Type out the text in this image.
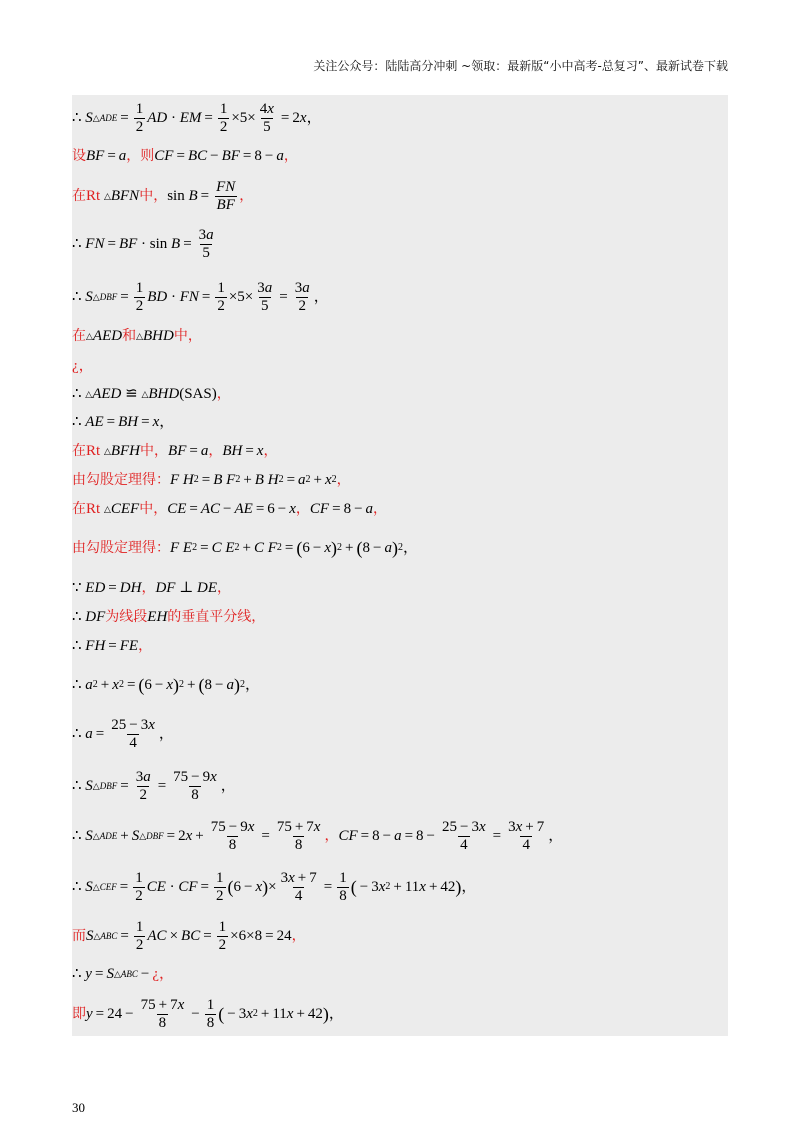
关注公众号：陆陆高分冲刺 ~领取：最新版“小中高考-总复习”、最新试卷下载
∴
S △ADE = $\frac{1}{2}$ AD · EM = $\frac{1}{2} \times 5\times \frac{4x}{5} = 2$ x ，
设 BF = a ， 则 CF = BC − BF = 8 − a ，
在 Rt
△ BFN 中， sin
$B = \frac{FN}{BF}$ ，
∴
FN = BF · $\sin B = \frac{3a}{5}$
∴
S △DBF = $\frac{1}{2}$ BD · FN = $\frac{1}{2} \times 5\times \frac{3a}{5} = \frac{3a}{2}$ ，
在 △ AED 和 △ BHD 中，
¿，
∴
△ AED ≌ △ BHD (SAS) ，
∴
AE = BH = x ，
在 Rt
△ BFH 中， BF = a ， BH = x ，
由勾股定理得： F
H 2 = B
F 2 + B
H 2 = a 2 + x 2 ，
在 Rt
△ CEF 中， CE = AC − AE = 6 − x ， CF = 8 − a ，
由勾股定理得： F
E 2 = C
E 2 + C
F 2 = ( 6 − x ) 2 + ( 8 − a ) 2 ，
∵
ED = DH ， DF ⊥ DE ，
∴
DF 为线段 EH 的垂直平分线，
∴
FH = FE ，
∴
a 2 + x 2 = ( 6 − x ) 2 + ( 8 − a ) 2 ，
∴
$a = \frac{25 - 3x}{4}$ ，
∴
S △DBF = $\frac{3a}{2} = \frac{75 - 9x}{8}$ ，
∴
S △ADE + S △DBF = 2 $x + \frac{75 - 9x}{8} = \frac{75 + 7x}{8}$ ， CF = $8 - a = 8 - \frac{25 - 3x}{4} = \frac{3x + 7}{4}$ ，
∴
S △CEF = $\frac{1}{2}$ CE · CF = $\frac{1}{2}$ ( 6 − x ) × $\frac{3x + 7}{4} = \frac{1}{8}$ ( − 3 x 2 + 11 x + 42 ) ，
而 S △ABC = $\frac{1}{2}$ AC × BC = $\frac{1}{2} \times 6\times 8 = 24$ ，
∴
y = S △ABC − ¿，
即 $y = 24 - \frac{75 + 7x}{8} - \frac{1}{8}$ ( − 3 x 2 + 11 x + 42 ) ，
30
